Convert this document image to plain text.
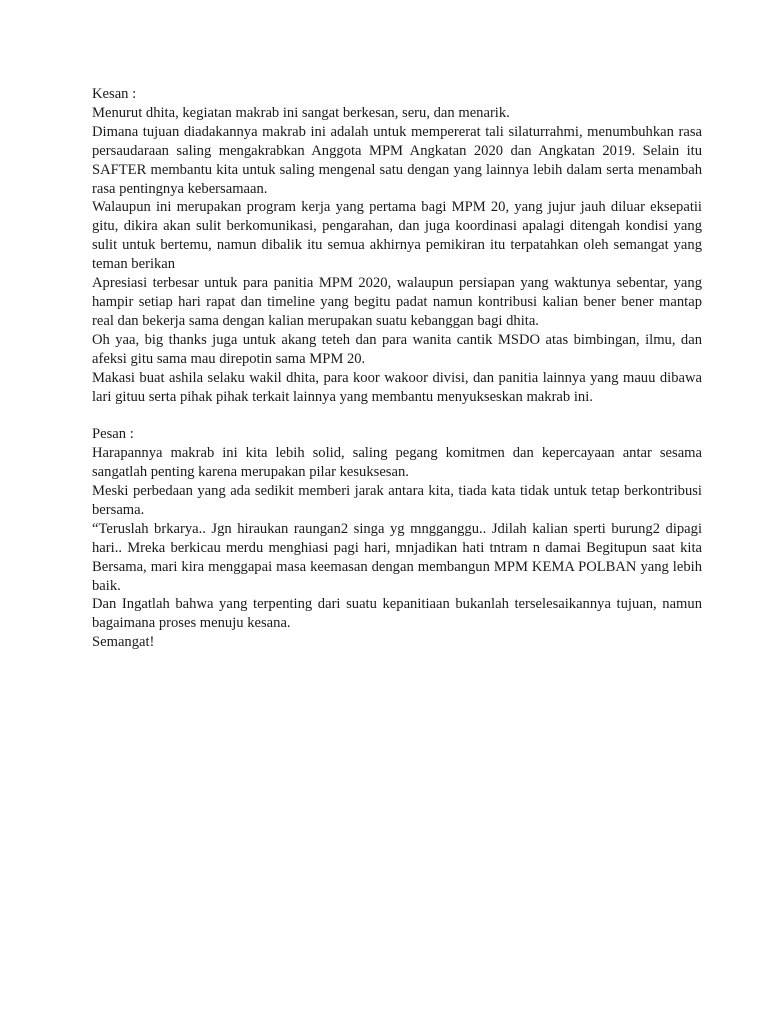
Kesan :

Menurut dhita, kegiatan makrab ini sangat berkesan, seru, dan menarik.

Dimana tujuan diadakannya makrab ini adalah untuk mempererat tali silaturrahmi, menumbuhkan rasa persaudaraan saling mengakrabkan Anggota MPM Angkatan 2020 dan Angkatan 2019. Selain itu SAFTER membantu kita untuk saling mengenal satu dengan yang lainnya lebih dalam serta menambah rasa pentingnya kebersamaan.

Walaupun ini merupakan program kerja yang pertama bagi MPM 20, yang jujur jauh diluar eksepatii gitu, dikira akan sulit berkomunikasi, pengarahan, dan juga koordinasi apalagi ditengah kondisi yang sulit untuk bertemu, namun dibalik itu semua akhirnya pemikiran itu terpatahkan oleh semangat yang teman berikan

Apresiasi terbesar untuk para panitia MPM 2020, walaupun persiapan yang waktunya sebentar, yang hampir setiap hari rapat dan timeline yang begitu padat namun kontribusi kalian bener bener mantap real dan bekerja sama dengan kalian merupakan suatu kebanggan bagi dhita.

Oh yaa, big thanks juga untuk akang teteh dan para wanita cantik MSDO atas bimbingan, ilmu, dan afeksi gitu sama mau direpotin sama MPM 20.

Makasi buat ashila selaku wakil dhita, para koor wakoor divisi, dan panitia lainnya yang mauu dibawa lari gituu serta pihak pihak terkait lainnya yang membantu menyukseskan makrab ini.

Pesan :

Harapannya makrab ini kita lebih solid, saling pegang komitmen dan kepercayaan antar sesama sangatlah penting karena merupakan pilar kesuksesan.

Meski perbedaan yang ada sedikit memberi jarak antara kita, tiada kata tidak untuk tetap berkontribusi bersama.

“Teruslah brkarya.. Jgn hiraukan raungan2 singa yg mngganggu.. Jdilah kalian sperti burung2 dipagi hari.. Mreka berkicau merdu menghiasi pagi hari, mnjadikan hati tntram n damai Begitupun saat kita Bersama, mari kira menggapai masa keemasan dengan membangun MPM KEMA POLBAN yang lebih baik.

Dan Ingatlah bahwa yang terpenting dari suatu kepanitiaan bukanlah terselesaikannya tujuan, namun bagaimana proses menuju kesana.

Semangat!
